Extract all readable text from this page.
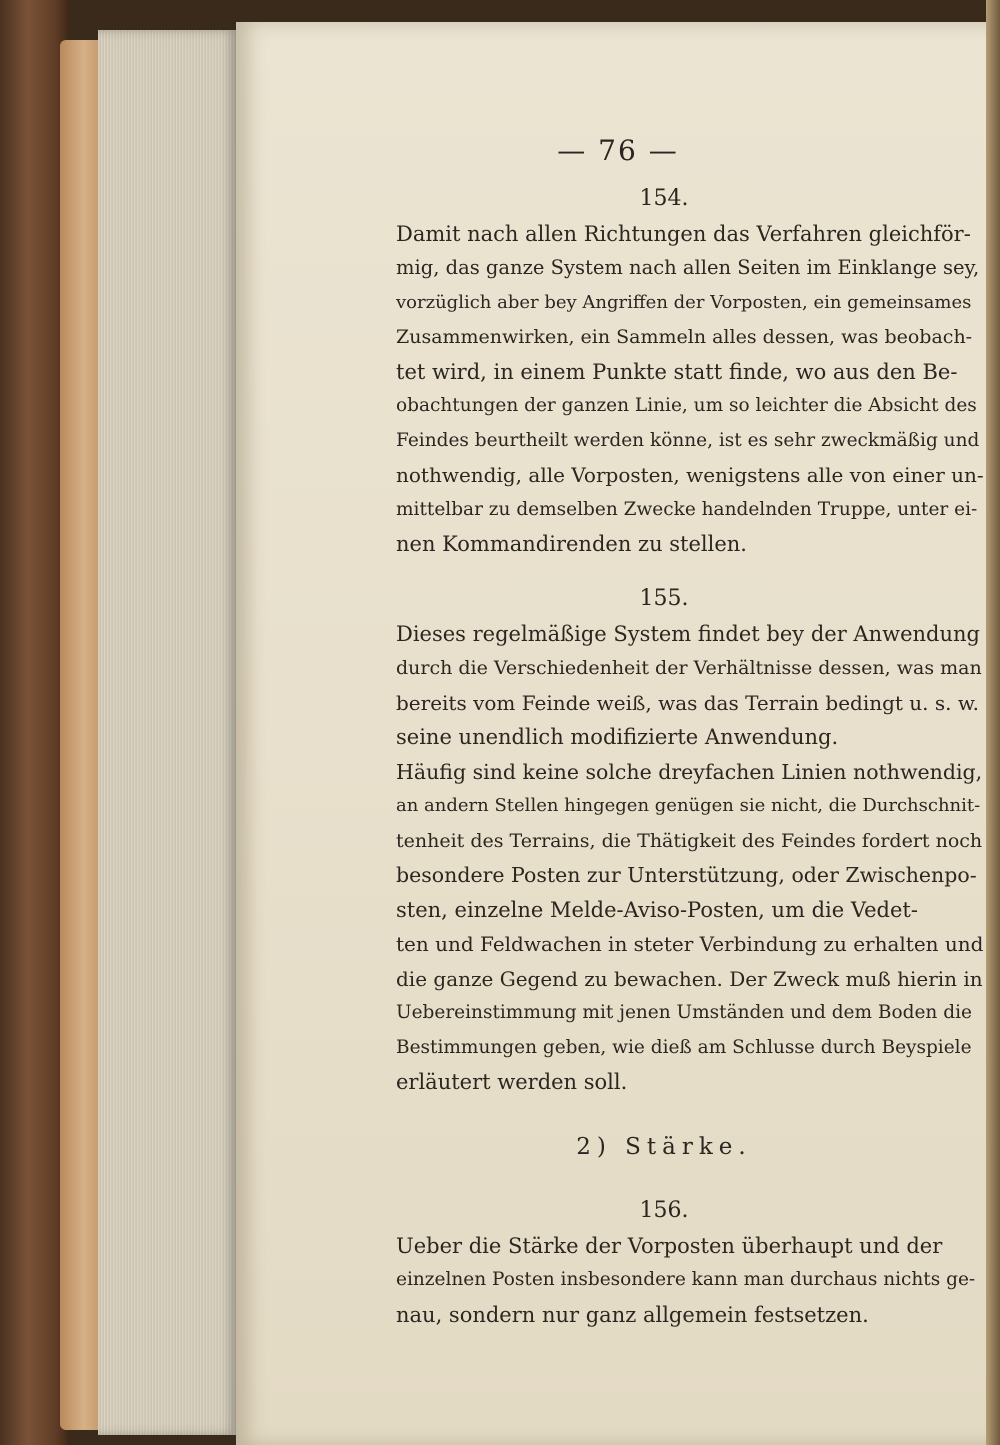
— 76 —
154.

Damit nach allen Richtungen das Verfahren gleichför-
mig, das ganze System nach allen Seiten im Einklange sey,
vorzüglich aber bey Angriffen der Vorposten, ein gemeinsames
Zusammenwirken, ein Sammeln alles dessen, was beobach-
tet wird, in einem Punkte statt finde, wo aus den Be-
obachtungen der ganzen Linie, um so leichter die Absicht des
Feindes beurtheilt werden könne, ist es sehr zweckmäßig und
nothwendig, alle Vorposten, wenigstens alle von einer un-
mittelbar zu demselben Zwecke handelnden Truppe, unter ei-
nen Kommandirenden zu stellen.

155.

Dieses regelmäßige System findet bey der Anwendung
durch die Verschiedenheit der Verhältnisse dessen, was man
bereits vom Feinde weiß, was das Terrain bedingt u. s. w.
seine unendlich modifizierte Anwendung.

Häufig sind keine solche dreyfachen Linien nothwendig,
an andern Stellen hingegen genügen sie nicht, die Durchschnit-
tenheit des Terrains, die Thätigkeit des Feindes fordert noch
besondere Posten zur Unterstützung, oder Zwischenpo-
sten, einzelne Melde-Aviso-Posten, um die Vedet-
ten und Feldwachen in steter Verbindung zu erhalten und
die ganze Gegend zu bewachen. Der Zweck muß hierin in
Uebereinstimmung mit jenen Umständen und dem Boden die
Bestimmungen geben, wie dieß am Schlusse durch Beyspiele
erläutert werden soll.

2) Stärke.
156.

Ueber die Stärke der Vorposten überhaupt und der
einzelnen Posten insbesondere kann man durchaus nichts ge-
nau, sondern nur ganz allgemein festsetzen.
